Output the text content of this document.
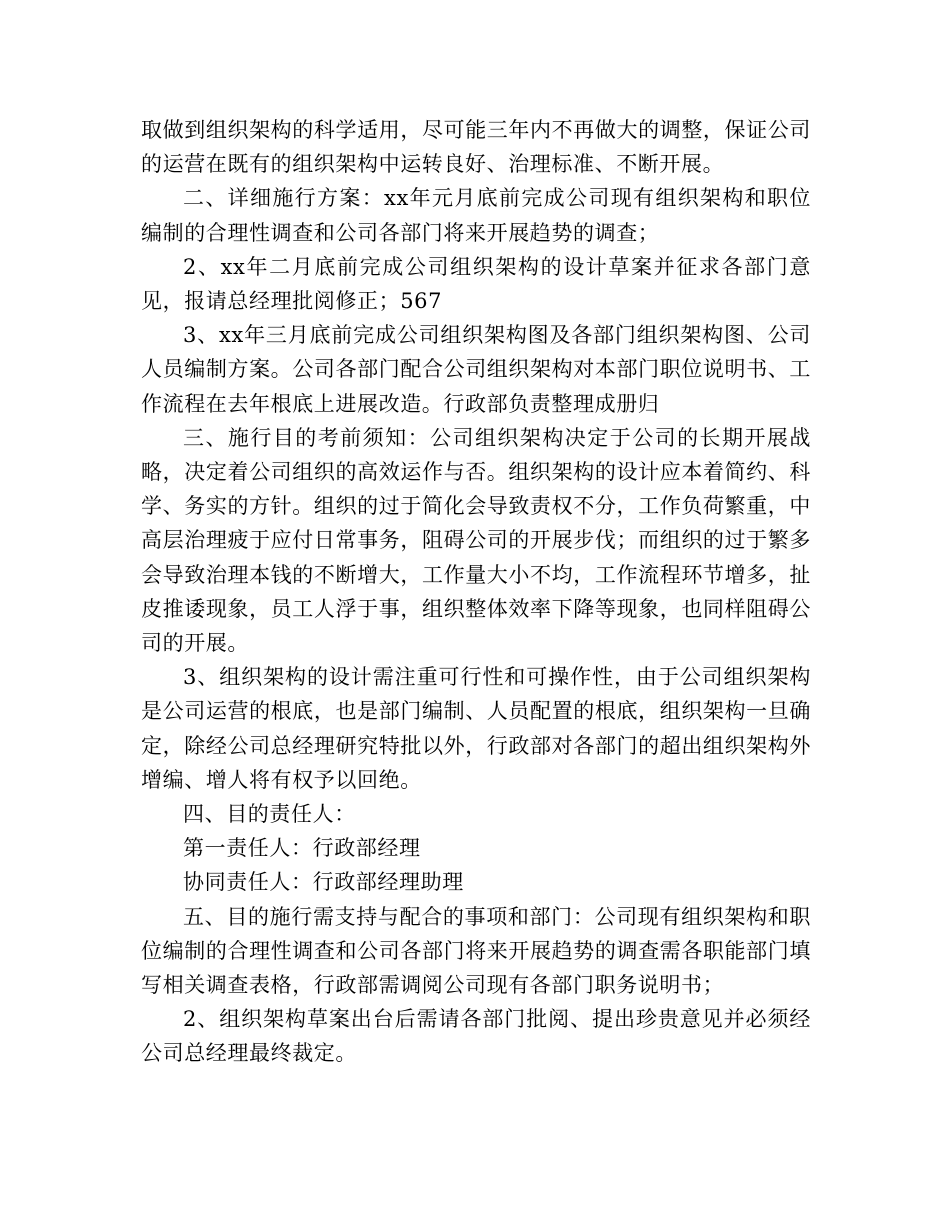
取做到组织架构的科学适用，尽可能三年内不再做大的调整，保证公司的运营在既有的组织架构中运转良好、治理标准、不断开展。

二、详细施行方案：xx年元月底前完成公司现有组织架构和职位编制的合理性调查和公司各部门将来开展趋势的调查；

2、xx年二月底前完成公司组织架构的设计草案并征求各部门意见，报请总经理批阅修正；567

3、xx年三月底前完成公司组织架构图及各部门组织架构图、公司人员编制方案。公司各部门配合公司组织架构对本部门职位说明书、工作流程在去年根底上进展改造。行政部负责整理成册归

三、施行目的考前须知：公司组织架构决定于公司的长期开展战略，决定着公司组织的高效运作与否。组织架构的设计应本着简约、科学、务实的方针。组织的过于简化会导致责权不分，工作负荷繁重，中高层治理疲于应付日常事务，阻碍公司的开展步伐；而组织的过于繁多会导致治理本钱的不断增大，工作量大小不均，工作流程环节增多，扯皮推诿现象，员工人浮于事，组织整体效率下降等现象，也同样阻碍公司的开展。

3、组织架构的设计需注重可行性和可操作性，由于公司组织架构是公司运营的根底，也是部门编制、人员配置的根底，组织架构一旦确定，除经公司总经理研究特批以外，行政部对各部门的超出组织架构外增编、增人将有权予以回绝。

四、目的责任人：

第一责任人：行政部经理

协同责任人：行政部经理助理

五、目的施行需支持与配合的事项和部门：公司现有组织架构和职位编制的合理性调查和公司各部门将来开展趋势的调查需各职能部门填写相关调查表格，行政部需调阅公司现有各部门职务说明书；

2、组织架构草案出台后需请各部门批阅、提出珍贵意见并必须经公司总经理最终裁定。
